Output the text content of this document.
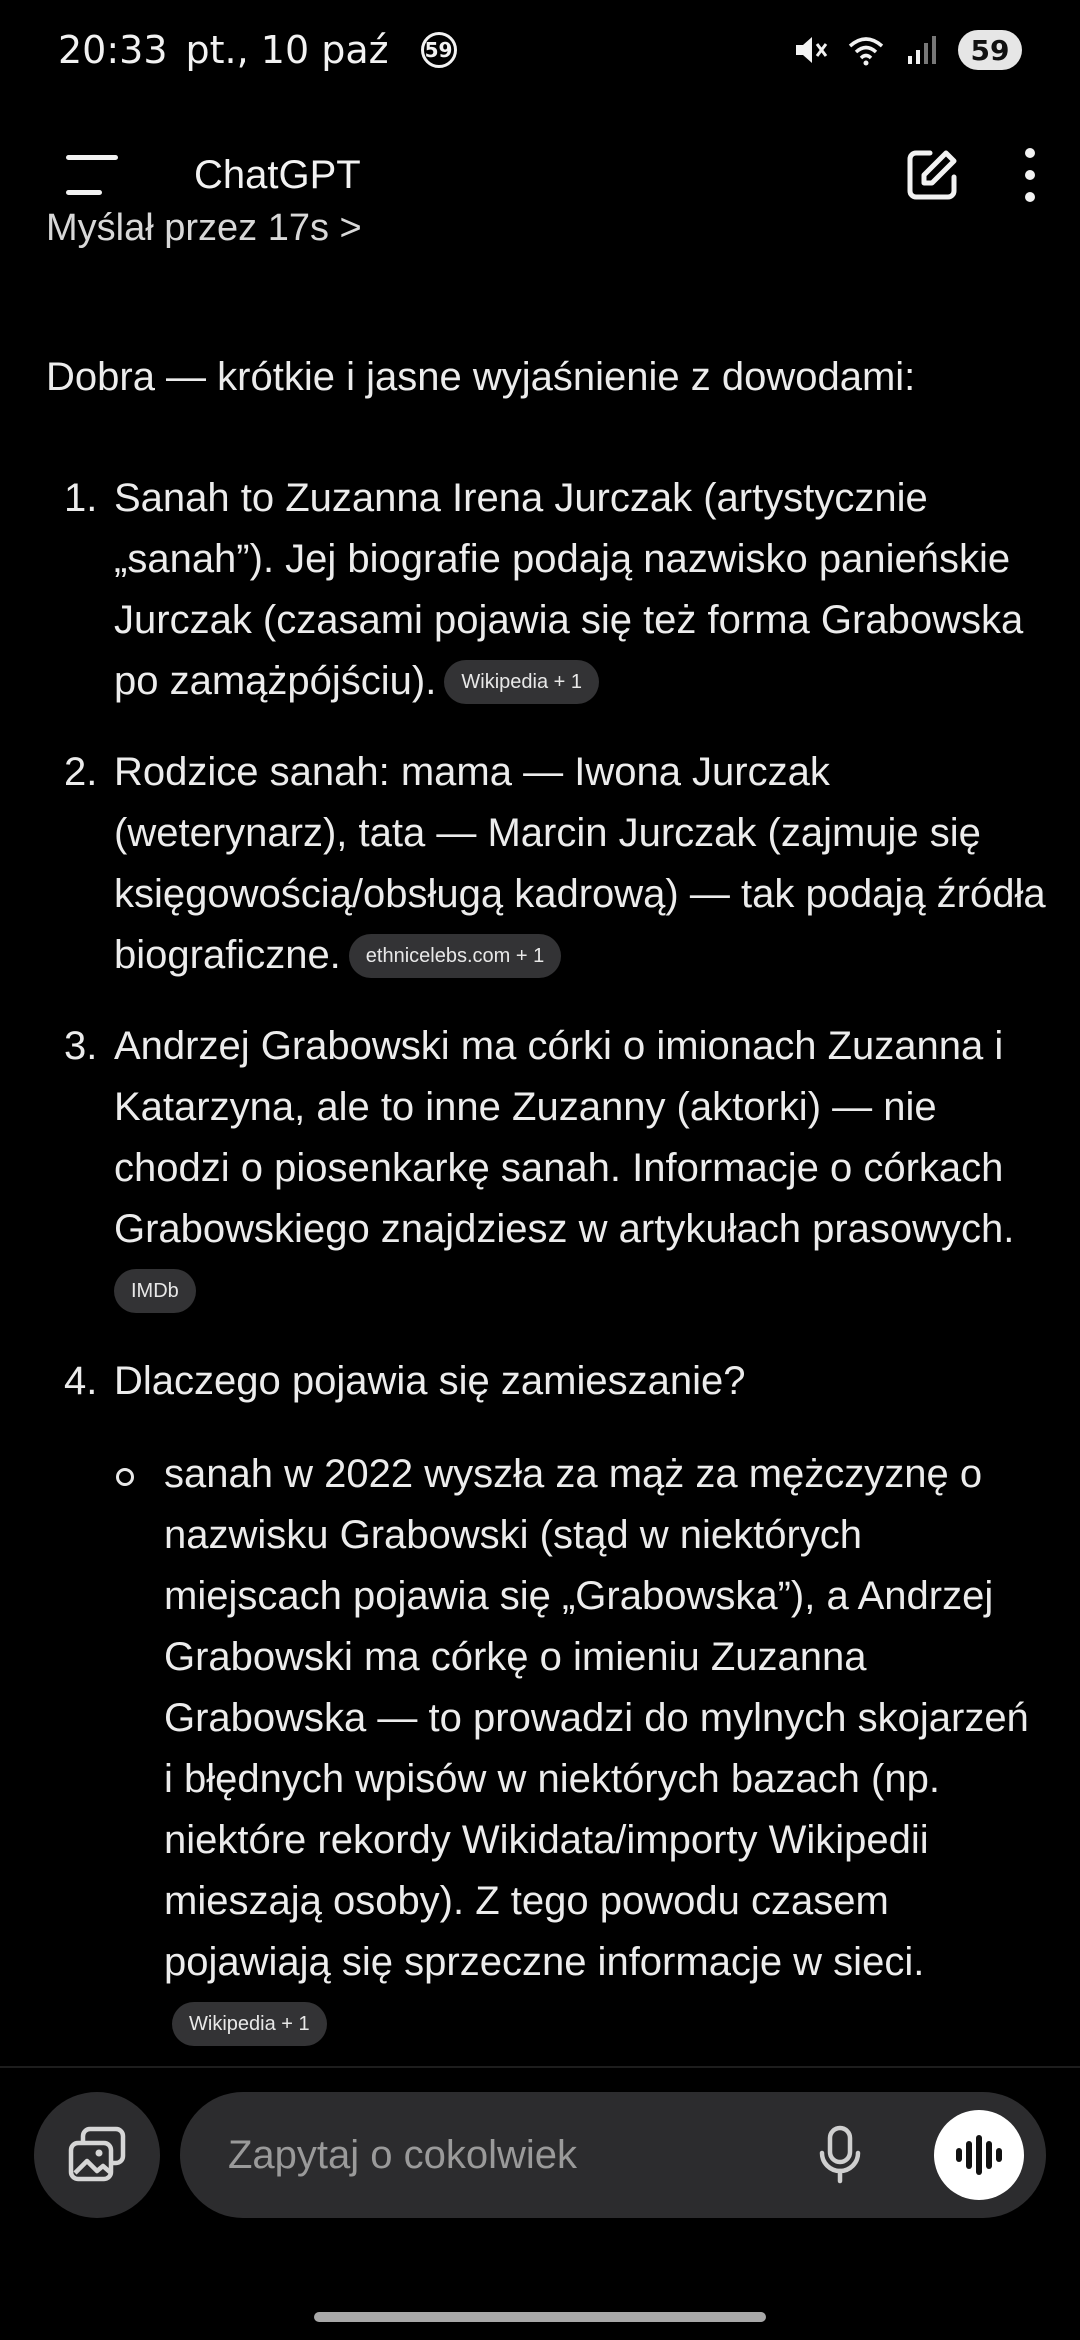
20:33 pt., 10 paź 59	59
ChatGPT
Myślał przez 17s >

Dobra — krótkie i jasne wyjaśnienie z dowodami:

1. Sanah to Zuzanna Irena Jurczak (artystycznie „sanah”). Jej biografie podają nazwisko panieńskie Jurczak (czasami pojawia się też forma Grabowska po zamążpójściu). Wikipedia + 1
2. Rodzice sanah: mama — Iwona Jurczak (weterynarz), tata — Marcin Jurczak (zajmuje się księgowością/obsługą kadrową) — tak podają źródła biograficzne. ethnicelebs.com + 1
3. Andrzej Grabowski ma córki o imionach Zuzanna i Katarzyna, ale to inne Zuzanny (aktorki) — nie chodzi o piosenkarkę sanah. Informacje o córkach Grabowskiego znajdziesz w artykułach prasowych.
IMDb
4. Dlaczego pojawia się zamieszanie?
sanah w 2022 wyszła za mąż za mężczyznę o nazwisku Grabowski (stąd w niektórych miejscach pojawia się „Grabowska”), a Andrzej Grabowski ma córkę o imieniu Zuzanna Grabowska — to prowadzi do mylnych skojarzeń i błędnych wpisów w niektórych bazach (np. niektóre rekordy Wikidata/importy Wikipedii mieszają osoby). Z tego powodu czasem pojawiają się sprzeczne informacje w sieci.Wikipedia + 1
Zapytaj o cokolwiek
